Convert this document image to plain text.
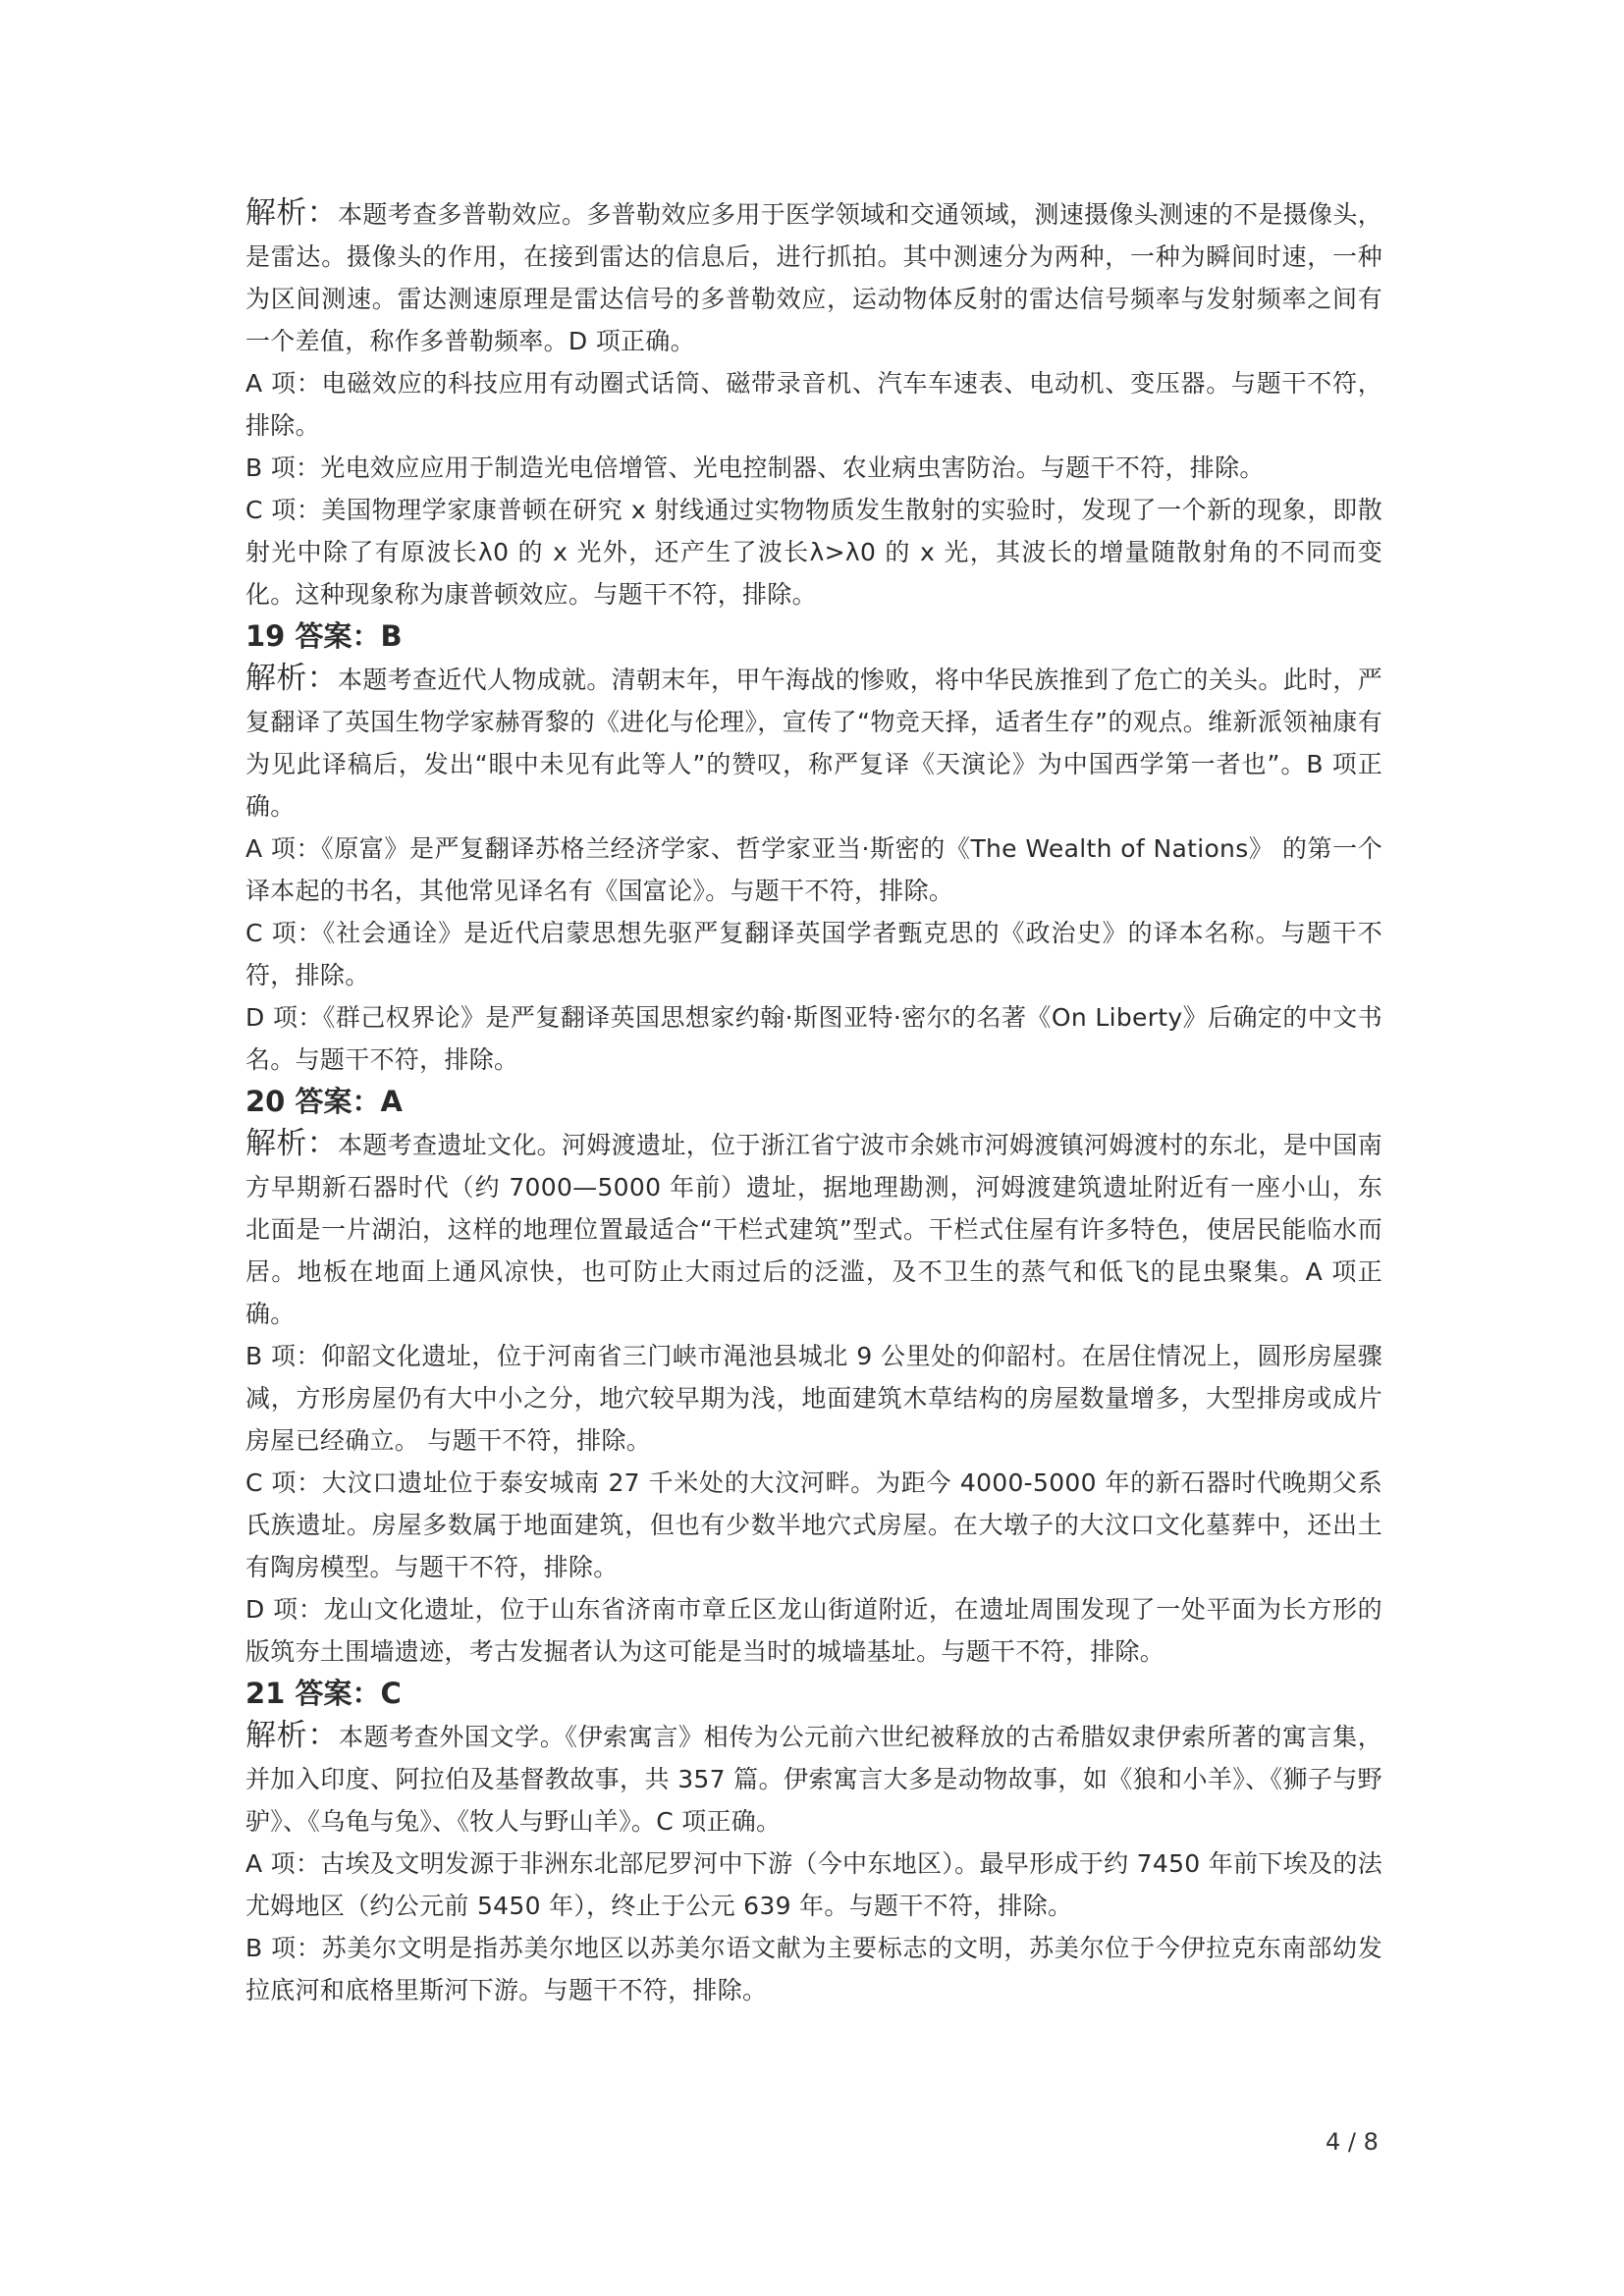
解析：本题考查多普勒效应。多普勒效应多用于医学领域和交通领域，测速摄像头测速的不是摄像头，是雷达。摄像头的作用，在接到雷达的信息后，进行抓拍。其中测速分为两种，一种为瞬间时速，一种为区间测速。雷达测速原理是雷达信号的多普勒效应，运动物体反射的雷达信号频率与发射频率之间有一个差值，称作多普勒频率。D 项正确。
A 项：电磁效应的科技应用有动圈式话筒、磁带录音机、汽车车速表、电动机、变压器。与题干不符，排除。
B 项：光电效应应用于制造光电倍增管、光电控制器、农业病虫害防治。与题干不符，排除。
C 项：美国物理学家康普顿在研究 x 射线通过实物物质发生散射的实验时，发现了一个新的现象，即散射光中除了有原波长λ0 的 x 光外，还产生了波长λ>λ0 的 x 光，其波长的增量随散射角的不同而变化。这种现象称为康普顿效应。与题干不符，排除。
19 答案：B
解析：本题考查近代人物成就。清朝末年，甲午海战的惨败，将中华民族推到了危亡的关头。此时，严复翻译了英国生物学家赫胥黎的《进化与伦理》，宣传了“物竞天择，适者生存”的观点。维新派领袖康有为见此译稿后，发出“眼中未见有此等人”的赞叹，称严复译《天演论》为中国西学第一者也”。B 项正确。
A 项：《原富》是严复翻译苏格兰经济学家、哲学家亚当·斯密的《The Wealth of Nations》 的第一个译本起的书名，其他常见译名有《国富论》。与题干不符，排除。
C 项：《社会通诠》是近代启蒙思想先驱严复翻译英国学者甄克思的《政治史》的译本名称。与题干不符，排除。
D 项：《群己权界论》是严复翻译英国思想家约翰·斯图亚特·密尔的名著《On Liberty》后确定的中文书名。与题干不符，排除。
20 答案：A
解析：本题考查遗址文化。河姆渡遗址，位于浙江省宁波市余姚市河姆渡镇河姆渡村的东北，是中国南方早期新石器时代（约 7000—5000 年前）遗址，据地理勘测，河姆渡建筑遗址附近有一座小山，东北面是一片湖泊，这样的地理位置最适合“干栏式建筑”型式。干栏式住屋有许多特色，使居民能临水而居。地板在地面上通风凉快，也可防止大雨过后的泛滥，及不卫生的蒸气和低飞的昆虫聚集。A 项正确。
B 项：仰韶文化遗址，位于河南省三门峡市渑池县城北 9 公里处的仰韶村。在居住情况上，圆形房屋骤减，方形房屋仍有大中小之分，地穴较早期为浅，地面建筑木草结构的房屋数量增多，大型排房或成片房屋已经确立。 与题干不符，排除。
C 项：大汶口遗址位于泰安城南 27 千米处的大汶河畔。为距今 4000-5000 年的新石器时代晚期父系氏族遗址。房屋多数属于地面建筑，但也有少数半地穴式房屋。在大墩子的大汶口文化墓葬中，还出土有陶房模型。与题干不符，排除。
D 项：龙山文化遗址，位于山东省济南市章丘区龙山街道附近，在遗址周围发现了一处平面为长方形的版筑夯土围墙遗迹，考古发掘者认为这可能是当时的城墙基址。与题干不符，排除。
21 答案：C
解析：本题考查外国文学。《伊索寓言》相传为公元前六世纪被释放的古希腊奴隶伊索所著的寓言集，并加入印度、阿拉伯及基督教故事，共 357 篇。伊索寓言大多是动物故事，如《狼和小羊》、《狮子与野驴》、《乌龟与兔》、《牧人与野山羊》。C 项正确。
A 项：古埃及文明发源于非洲东北部尼罗河中下游（今中东地区）。最早形成于约 7450 年前下埃及的法尤姆地区（约公元前 5450 年），终止于公元 639 年。与题干不符，排除。
B 项：苏美尔文明是指苏美尔地区以苏美尔语文献为主要标志的文明，苏美尔位于今伊拉克东南部幼发拉底河和底格里斯河下游。与题干不符，排除。
4 / 8
